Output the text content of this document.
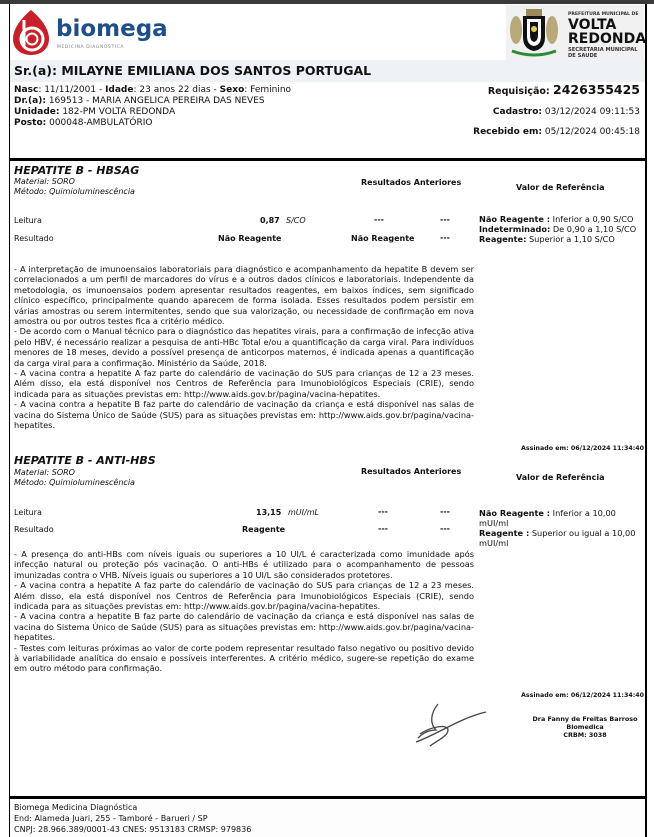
biomega
MEDICINA DIAGNÓSTICA
PREFEITURA MUNICIPAL DE
VOLTA
REDONDA
SECRETARIA MUNICIPAL
DE SAUDE
Sr.(a): MILAYNE EMILIANA DOS SANTOS PORTUGAL
Nasc: 11/11/2001 - Idade: 23 anos 22 dias - Sexo: Feminino
Dr.(a): 169513 - MARIA ANGELICA PEREIRA DAS NEVES
Unidade: 182-PM VOLTA REDONDA
Posto: 000048-AMBULATÓRIO
Requisição: 2426355425
Cadastro: 03/12/2024 09:11:53
Recebido em: 05/12/2024 00:45:18
HEPATITE B - HBSAG
Material: SORO
Método: Quimioluminescência
Resultados Anteriores
Valor de Referência
Leitura	0,87 S/CO	---	---
Resultado	Não Reagente	Não Reagente	---
Não Reagente : Inferior a 0,90 S/CO
Indeterminado: De 0,90 a 1,10 S/CO
Reagente: Superior a 1,10 S/CO

- A interpretação de imunoensaios laboratoriais para diagnóstico e acompanhamento da hepatite B devem ser correlacionados a um perfil de marcadores do vírus e a outros dados clínicos e laboratoriais. Independente da metodologia, os imunoensaios podem apresentar resultados reagentes, em baixos índices, sem significado clínico específico, principalmente quando aparecem de forma isolada. Esses resultados podem persistir em várias amostras ou serem intermitentes, sendo que sua valorização, ou necessidade de confirmação em nova amostra ou por outros testes fica a critério médico.

- De acordo com o Manual técnico para o diagnóstico das hepatites virais, para a confirmação de infecção ativa pelo HBV, é necessário realizar a pesquisa de anti-HBc Total e/ou a quantificação da carga viral. Para indivíduos menores de 18 meses, devido a possível presença de anticorpos maternos, é indicada apenas a quantificação da carga viral para a confirmação. Ministério da Saúde, 2018.

- A vacina contra a hepatite A faz parte do calendário de vacinação do SUS para crianças de 12 a 23 meses. Além disso, ela está disponível nos Centros de Referência para Imunobiológicos Especiais (CRIE), sendo indicada para as situações previstas em: http://www.aids.gov.br/pagina/vacina-hepatites.

- A vacina contra a hepatite B faz parte do calendário de vacinação da criança e está disponível nas salas de vacina do Sistema Único de Saúde (SUS) para as situações previstas em: http://www.aids.gov.br/pagina/vacina-hepatites.

Assinado em: 06/12/2024 11:34:40
HEPATITE B - ANTI-HBS
Material: SORO
Método: Quimioluminescência
Resultados Anteriores
Valor de Referência
Leitura	13,15 mUI/mL	---	---
Resultado	Reagente	---	---
Não Reagente : Inferior a 10,00 mUI/ml
Reagente : Superior ou igual a 10,00 mUI/ml

- A presença do anti-HBs com níveis iguais ou superiores a 10 UI/L é caracterizada como imunidade após infecção natural ou proteção pós vacinação. O anti-HBs é utilizado para o acompanhamento de pessoas imunizadas contra o VHB. Níveis iguais ou superiores a 10 UI/L são considerados protetores.

- A vacina contra a hepatite A faz parte do calendário de vacinação do SUS para crianças de 12 a 23 meses. Além disso, ela está disponível nos Centros de Referência para Imunobiológicos Especiais (CRIE), sendo indicada para as situações previstas em: http://www.aids.gov.br/pagina/vacina-hepatites.

- A vacina contra a hepatite B faz parte do calendário de vacinação da criança e está disponível nas salas de vacina do Sistema Único de Saúde (SUS) para as situações previstas em: http://www.aids.gov.br/pagina/vacina-hepatites.

- Testes com leituras próximas ao valor de corte podem representar resultado falso negativo ou positivo devido à variabilidade analítica do ensaio e possíveis interferentes. A critério médico, sugere-se repetição do exame em outro método para confirmação.

Assinado em: 06/12/2024 11:34:40
Dra Fanny de Freitas Barroso
Biomedica
CRBM: 3038
Biomega Medicina Diagnóstica
End: Alameda Juari, 255 - Tamboré - Barueri / SP
CNPJ: 28.966.389/0001-43 CNES: 9513183 CRMSP: 979836
